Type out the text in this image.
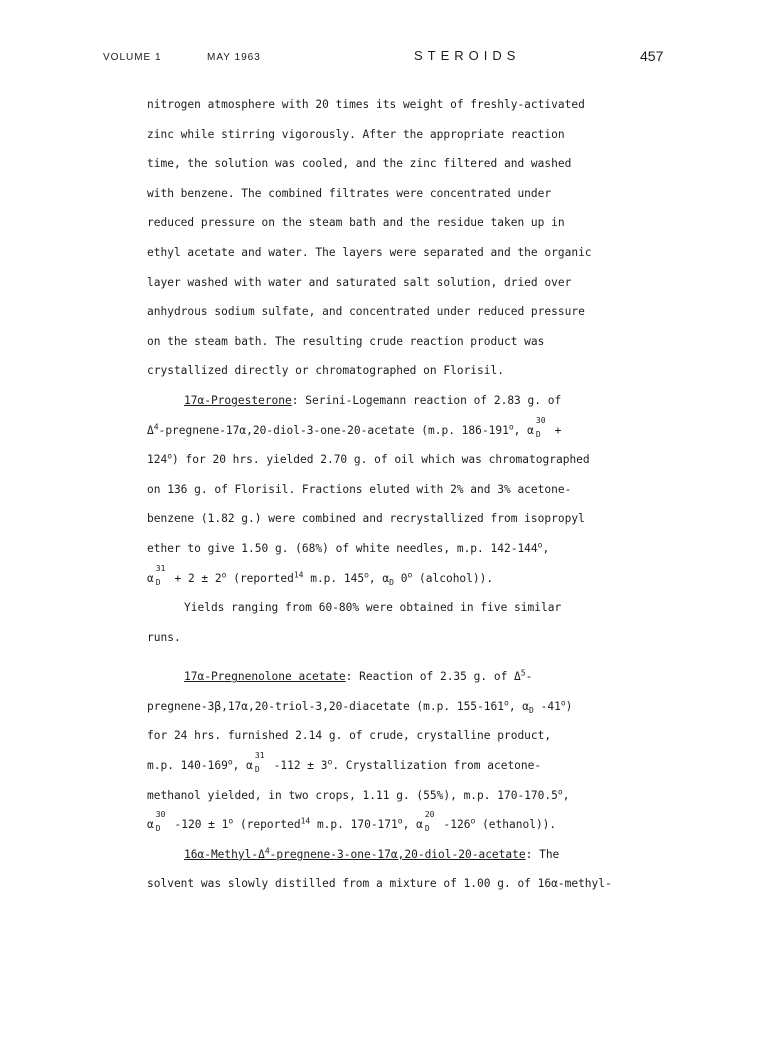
VOLUME 1	MAY 1963	STEROIDS	457
nitrogen atmosphere with 20 times its weight of freshly-activated
zinc while stirring vigorously. After the appropriate reaction
time, the solution was cooled, and the zinc filtered and washed
with benzene. The combined filtrates were concentrated under
reduced pressure on the steam bath and the residue taken up in
ethyl acetate and water. The layers were separated and the organic
layer washed with water and saturated salt solution, dried over
anhydrous sodium sulfate, and concentrated under reduced pressure
on the steam bath. The resulting crude reaction product was
crystallized directly or chromatographed on Florisil.
17α-Progesterone: Serini-Logemann reaction of 2.83 g. of
$\Delta^4-pregnene-17\alpha,20-diol-3-one-20$-acetate (m.p. 186-191$^o$, α
30
D +
$124^o$) for 20 hrs. yielded 2.70 g. of oil which was chromatographed
on 136 g. of Florisil. Fractions eluted with 2% and 3% acetone-
benzene (1.82 g.) were combined and recrystallized from isopropyl
ether to give 1.50 g. (68%) of white needles, m.p. 142-144$^o$,
α
31
$D + 2 \pm 2^o$ (reported$^{14}$ m.p. 145$^o$, $\alpha_D$ 0$^o$ (alcohol)).
Yields ranging from 60-80% were obtained in five similar
runs.
17α-Pregnenolone acetate: Reaction of 2.35 g. of $\Delta^5-$
pregnene-3β,17α,20-triol-3,20-diacetate (m.p. 155-161$^o$, $\alpha_D$ -41$^o$)
for 24 hrs. furnished 2.14 g. of crude, crystalline product,
m.p. 140-169$^o$, α
31
D $-112 \pm 3^o$. Crystallization from acetone-
methanol yielded, in two crops, 1.11 g. (55%), m.p. 170-170.5$^o$,
α
30
D $-120 \pm 1^o$ (reported$^{14}$ m.p. 170-171$^o$, α
20
D -126$^o$ (ethanol)).
$16\alpha-Methyl-\Delta^4-pregnene-3-one-17\alpha,20-diol-20$-acetate: The
solvent was slowly distilled from a mixture of 1.00 g. of 16α-methyl-
